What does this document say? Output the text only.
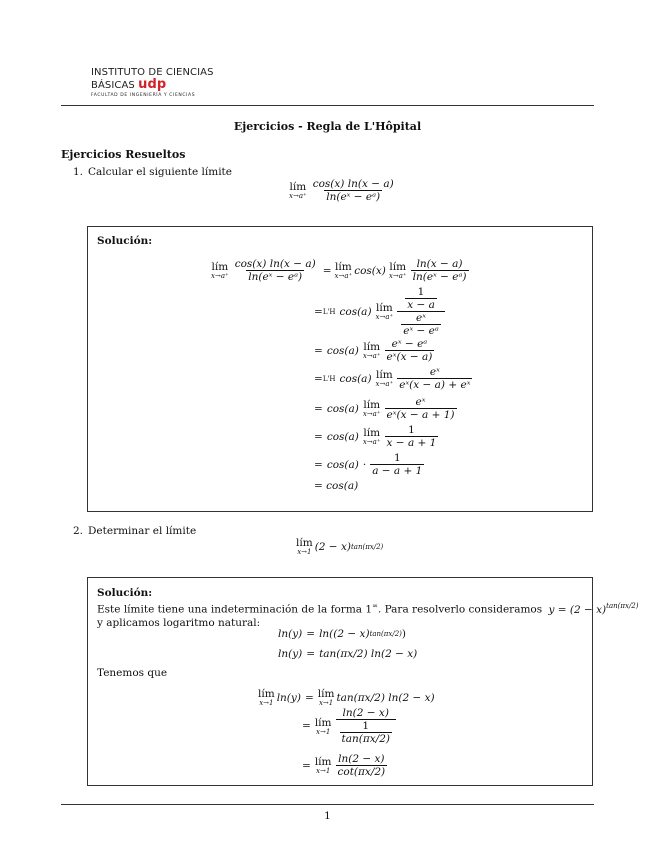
INSTITUTO DE CIENCIAS
BÁSICAS udp
FACULTAD DE INGENIERÍA Y CIENCIAS
Ejercicios - Regla de L'Hôpital
Ejercicios Resueltos
1. Calcular el siguiente límite
lím
$x\to a^+ \frac{\cos(x) \ln(x - a)}{\text{ln(eˣ − eᵃ)}}$
Solución:
lím
$x\to a^+ \frac{\cos(x) \ln(x - a)}{\text{ln(eˣ − eᵃ)}}$ = lím
x→a⁺ cos(x) lím
$x\to a^+ \frac{\ln(x - a)}{\text{ln(eˣ − eᵃ)}}$
= L'H cos(a) lím
$x\to a^+ \frac{\frac{1}{x - a}}{\frac{\text{eˣ}}{\text{eˣ − eᵃ}}}$
= cos(a) lím
$x\to a^+ \frac{\text{eˣ − eᵃ}}{\text{eˣ(x − a)}}$
= L'H cos(a) lím
$x\to a^+ \frac{\text{eˣ}}{\text{eˣ(x − a) + eˣ}}$
= cos(a) lím
$x\to a^+ \frac{\text{eˣ}}{\text{eˣ(x − a + 1)}}$
= cos(a) lím
$x\to a^+ \frac{1}{x - a + 1}$
= $\cos(a) \cdot \frac{1}{a - a + 1}$
= cos(a)
2. Determinar el límite
lím
x→1 (2 − x) tan(πx/2)
Solución:
Este límite tiene una indeterminación de la forma 1∞. Para resolverlo consideramos $y = (2 - x)^{tan(\pi x/2)}$
y aplicamos logaritmo natural:
ln(y) = ln((2 − x) tan(πx/2) )
ln(y) = tan(πx/2) ln(2 − x)
Tenemos que
lím
x→1 ln(y) = lím
x→1 tan(πx/2) ln(2 − x)
= lím
$x\to 1 \frac{\ln(2 - x)}{\frac{1}{\tan(\pi x/2)}}$
= lím
$x\to 1 \frac{\ln(2 - x)}{\cot(\pi x/2)}$
1
